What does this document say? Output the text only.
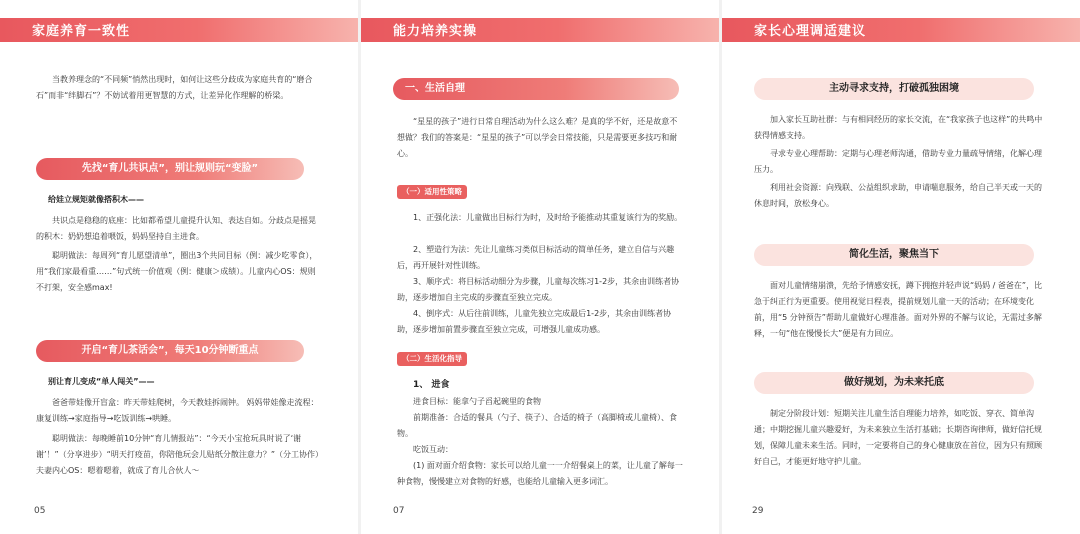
家庭养育一致性
当教养理念的“不同频”悄然出现时，如何让这些分歧成为家庭共育的“磨合石”而非“绊脚石”？不妨试着用更智慧的方式，让差异化作理解的桥梁。
先找“育儿共识点”，别让规则玩“变脸”
给娃立规矩就像搭积木——
共识点是稳稳的底座：比如都希望儿童提升认知、表达自如。分歧点是摇晃的积木：奶奶想追着喂饭，妈妈坚持自主进食。
聪明做法：每周列“育儿愿望清单”，圈出3个共同目标（例：减少吃零食），用“我们家最看重……”句式统一价值观（例：健康＞成绩）。儿童内心OS：规则不打架，安全感max!
开启“育儿茶话会”，每天10分钟断重点
别让育儿变成“单人闯关”——
爸爸带娃像开盲盒：昨天带娃爬树，今天教娃拆闹钟。 妈妈带娃像走流程：康复训练→家庭指导→吃饭训练→哄睡。
聪明做法：每晚睡前10分钟“育儿情报站”：“今天小宝抢玩具时说了‘谢谢’！”（分享进步）“明天打疫苗，你陪他玩会儿贴纸分散注意力？”（分工协作）夫妻内心OS：嗯着嗯着，就成了育儿合伙人～
05
能力培养实操
一、生活自理
“星星的孩子”进行日常自理活动为什么这么难？是真的学不好，还是故意不想做？我们的答案是：“星星的孩子”可以学会日常技能，只是需要更多技巧和耐心。
（一）适用性策略
1、正强化法：儿童做出目标行为时，及时给予能推动其重复该行为的奖励。
2、塑造行为法：先让儿童练习类似目标活动的简单任务，建立自信与兴趣后，再开展针对性训练。
3、顺序式：将目标活动细分为步骤，儿童每次练习1-2步，其余由训练者协助，逐步增加自主完成的步骤直至独立完成。
4、倒序式：从后往前训练，儿童先独立完成最后1-2步，其余由训练者协助，逐步增加前置步骤直至独立完成，可增强儿童成功感。
（二）生活化指导
1、 进食
进食目标：能拿勺子舀起碗里的食物
前期准备：合适的餐具（勺子、筷子）、合适的椅子（高脚椅或儿童椅）、食物。
吃饭互动：
(1) 面对面介绍食物：家长可以给儿童一一介绍餐桌上的菜，让儿童了解每一种食物，慢慢建立对食物的好感，也能给儿童输入更多词汇。
07
家长心理调适建议
主动寻求支持，打破孤独困境
加入家长互助社群：与有相同经历的家长交流，在“我家孩子也这样”的共鸣中获得情感支持。
寻求专业心理帮助：定期与心理老师沟通，借助专业力量疏导情绪，化解心理压力。
利用社会资源：向残联、公益组织求助，申请喘息服务，给自己半天或一天的休息时间，放松身心。
简化生活，聚焦当下
面对儿童情绪崩溃，先给予情感安抚，蹲下拥抱并轻声说“妈妈 / 爸爸在”，比急于纠正行为更重要。使用视觉日程表，提前规划儿童一天的活动；在环境变化前，用“5 分钟预告”帮助儿童做好心理准备。面对外界的不解与议论，无需过多解释，一句“他在慢慢长大”便是有力回应。
做好规划，为未来托底
制定分阶段计划：短期关注儿童生活自理能力培养，如吃饭、穿衣、简单沟通；中期挖掘儿童兴趣爱好，为未来独立生活打基础；长期咨询律师，做好信托规划，保障儿童未来生活。同时，一定要将自己的身心健康放在首位，因为只有照顾好自己，才能更好地守护儿童。
29
